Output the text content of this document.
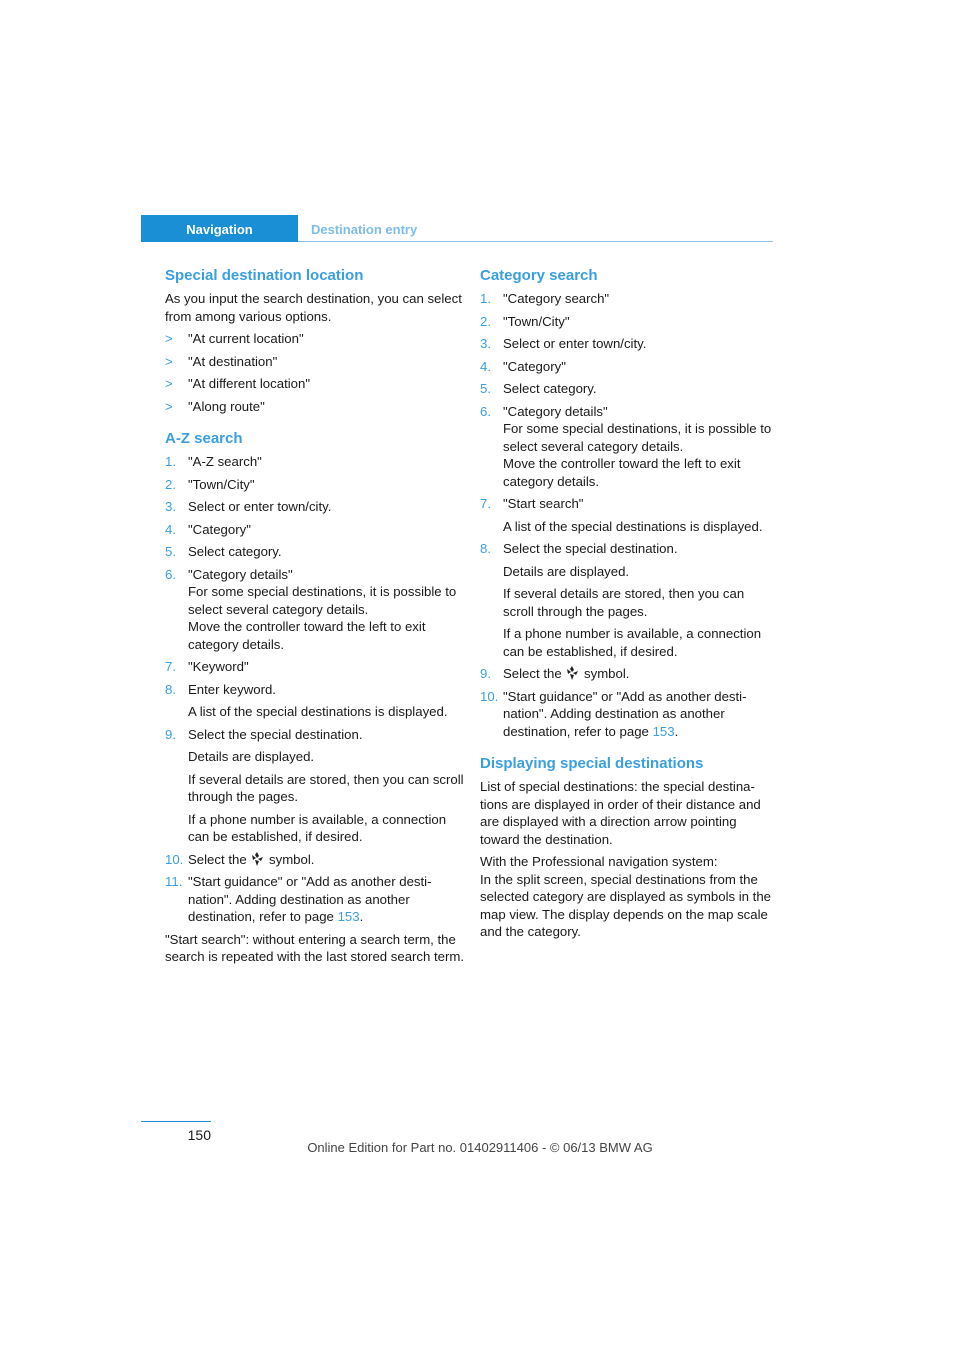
Navigation	Destination entry
Special destination location

As you input the search destination, you can select from among various options.

> "At current location"
> "At destination"
> "At different location"
> "Along route"
A-Z search
1. "A-Z search"
2. "Town/City"
3. Select or enter town/city.
4. "Category"
5. Select category.
6. "Category details"
For some special destinations, it is possible to select several category details.
Move the controller toward the left to exit category details.
7. "Keyword"
8. Enter keyword.
A list of the special destinations is displayed.
9. Select the special destination.
Details are displayed.
If several details are stored, then you can scroll through the pages.
If a phone number is available, a connection can be established, if desired.
10. Select the symbol.
11. "Start guidance" or "Add as another desti- nation". Adding destination as another destination, refer to page 153.

"Start search": without entering a search term, the search is repeated with the last stored search term.

Category search
1. "Category search"
2. "Town/City"
3. Select or enter town/city.
4. "Category"
5. Select category.
6. "Category details"
For some special destinations, it is possible to select several category details.
Move the controller toward the left to exit category details.
7. "Start search"
A list of the special destinations is displayed.
8. Select the special destination.
Details are displayed.
If several details are stored, then you can scroll through the pages.
If a phone number is available, a connection can be established, if desired.
9. Select the symbol.
10. "Start guidance" or "Add as another desti- nation". Adding destination as another destination, refer to page 153.
Displaying special destinations

List of special destinations: the special destina- tions are displayed in order of their distance and are displayed with a direction arrow pointing toward the destination.

With the Professional navigation system:
In the split screen, special destinations from the selected category are displayed as symbols in the map view. The display depends on the map scale and the category.

150
Online Edition for Part no. 01402911406 - © 06/13 BMW AG
